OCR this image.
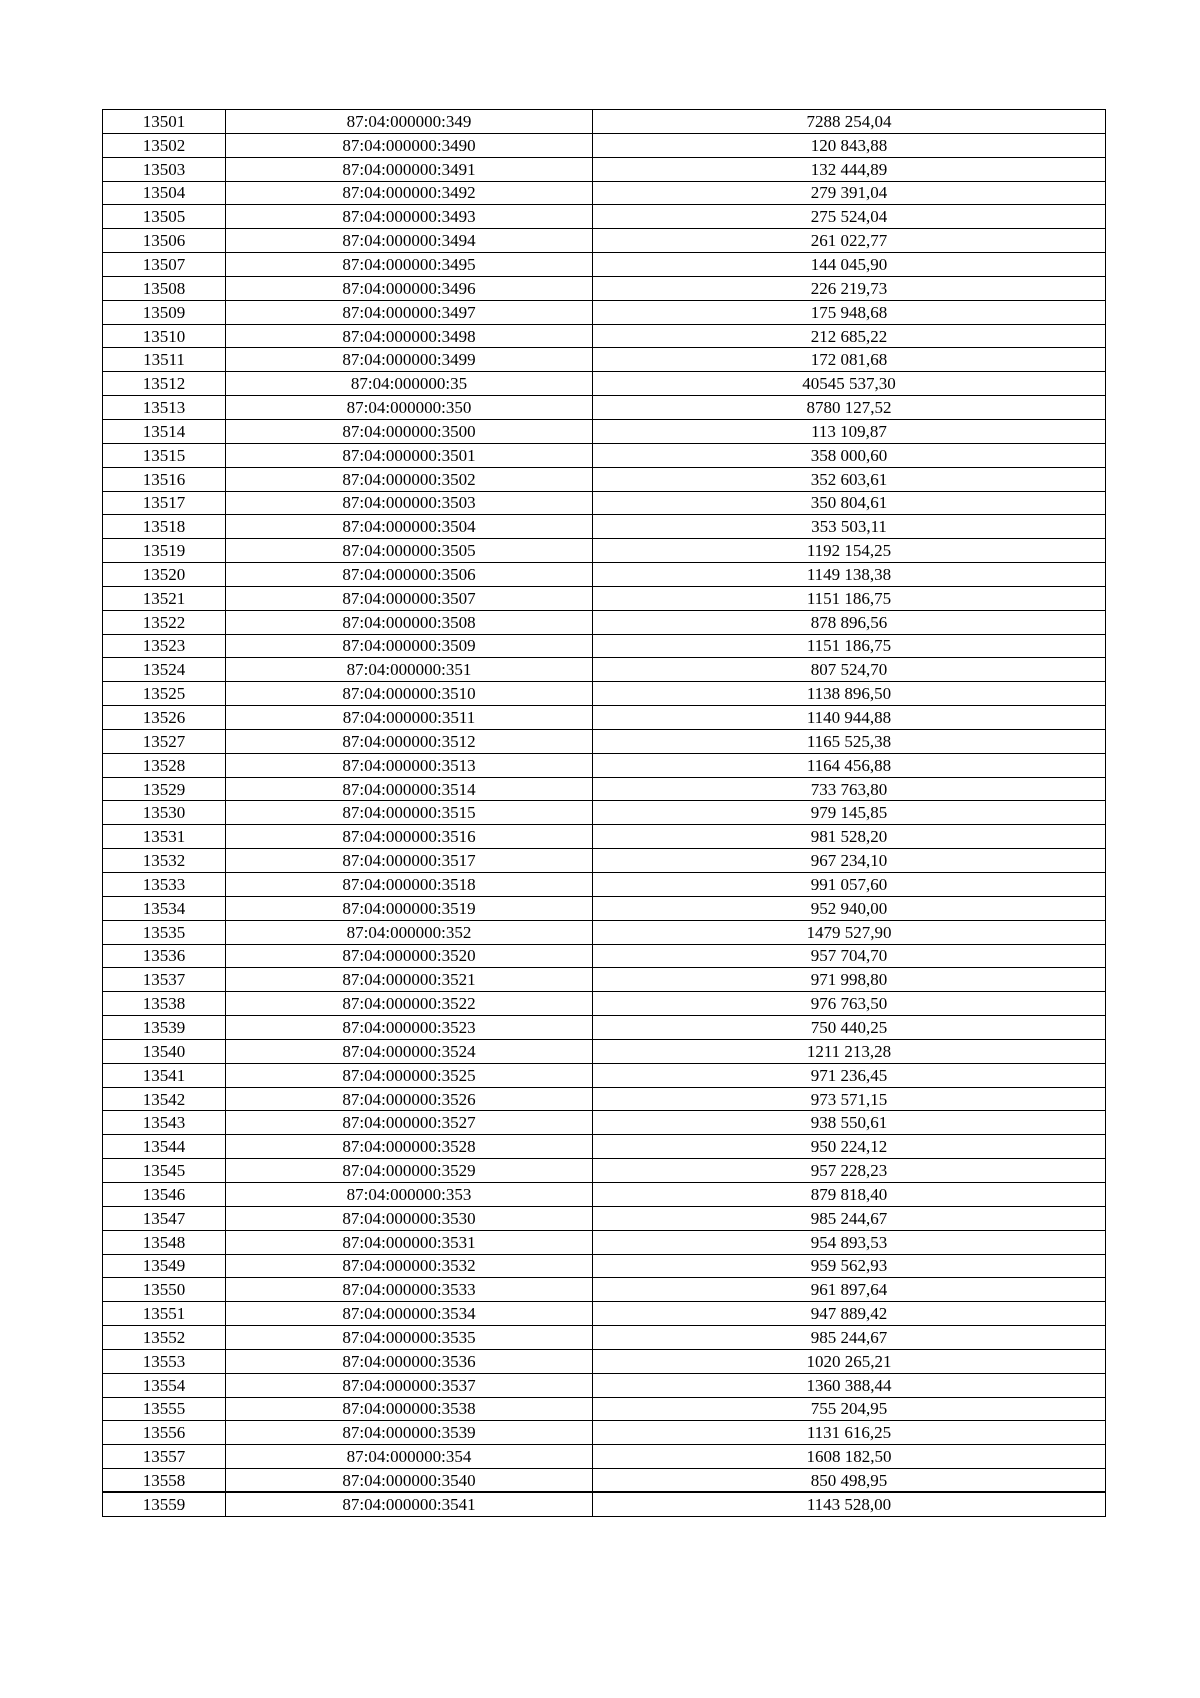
13501	87:04:000000:349	7288 254,04
13502	87:04:000000:3490	120 843,88
13503	87:04:000000:3491	132 444,89
13504	87:04:000000:3492	279 391,04
13505	87:04:000000:3493	275 524,04
13506	87:04:000000:3494	261 022,77
13507	87:04:000000:3495	144 045,90
13508	87:04:000000:3496	226 219,73
13509	87:04:000000:3497	175 948,68
13510	87:04:000000:3498	212 685,22
13511	87:04:000000:3499	172 081,68
13512	87:04:000000:35	40545 537,30
13513	87:04:000000:350	8780 127,52
13514	87:04:000000:3500	113 109,87
13515	87:04:000000:3501	358 000,60
13516	87:04:000000:3502	352 603,61
13517	87:04:000000:3503	350 804,61
13518	87:04:000000:3504	353 503,11
13519	87:04:000000:3505	1192 154,25
13520	87:04:000000:3506	1149 138,38
13521	87:04:000000:3507	1151 186,75
13522	87:04:000000:3508	878 896,56
13523	87:04:000000:3509	1151 186,75
13524	87:04:000000:351	807 524,70
13525	87:04:000000:3510	1138 896,50
13526	87:04:000000:3511	1140 944,88
13527	87:04:000000:3512	1165 525,38
13528	87:04:000000:3513	1164 456,88
13529	87:04:000000:3514	733 763,80
13530	87:04:000000:3515	979 145,85
13531	87:04:000000:3516	981 528,20
13532	87:04:000000:3517	967 234,10
13533	87:04:000000:3518	991 057,60
13534	87:04:000000:3519	952 940,00
13535	87:04:000000:352	1479 527,90
13536	87:04:000000:3520	957 704,70
13537	87:04:000000:3521	971 998,80
13538	87:04:000000:3522	976 763,50
13539	87:04:000000:3523	750 440,25
13540	87:04:000000:3524	1211 213,28
13541	87:04:000000:3525	971 236,45
13542	87:04:000000:3526	973 571,15
13543	87:04:000000:3527	938 550,61
13544	87:04:000000:3528	950 224,12
13545	87:04:000000:3529	957 228,23
13546	87:04:000000:353	879 818,40
13547	87:04:000000:3530	985 244,67
13548	87:04:000000:3531	954 893,53
13549	87:04:000000:3532	959 562,93
13550	87:04:000000:3533	961 897,64
13551	87:04:000000:3534	947 889,42
13552	87:04:000000:3535	985 244,67
13553	87:04:000000:3536	1020 265,21
13554	87:04:000000:3537	1360 388,44
13555	87:04:000000:3538	755 204,95
13556	87:04:000000:3539	1131 616,25
13557	87:04:000000:354	1608 182,50
13558	87:04:000000:3540	850 498,95
13559	87:04:000000:3541	1143 528,00
